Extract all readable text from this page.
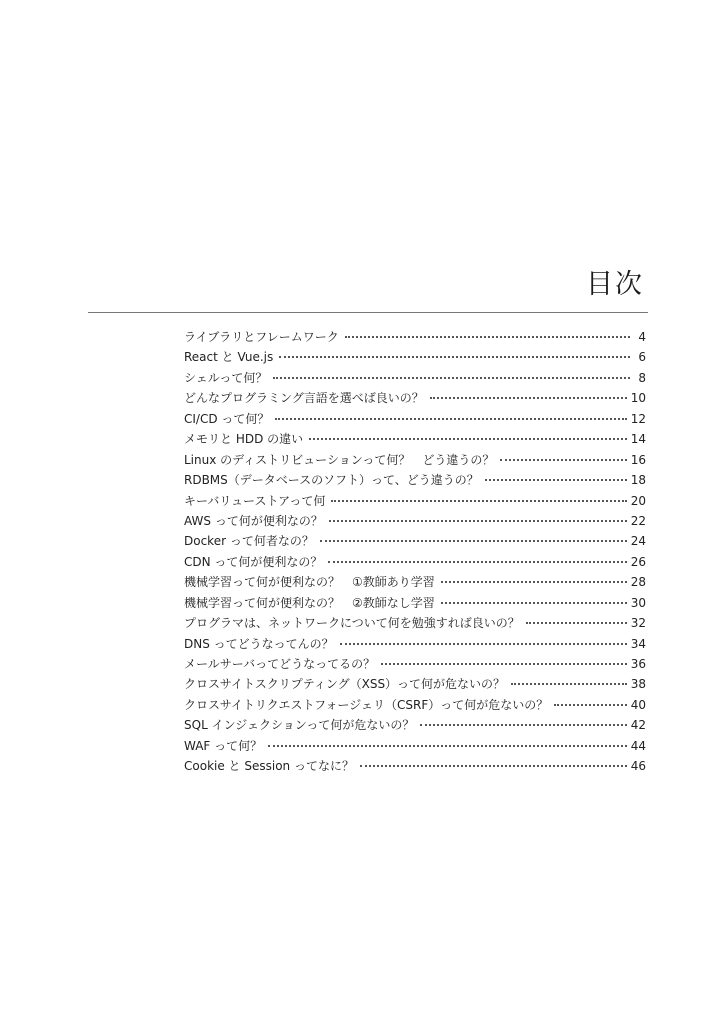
目次
ライブラリとフレームワーク	4
React と Vue.js	6
シェルって何？	8
どんなプログラミング言語を選べば良いの？	10
CI/CD って何？	12
メモリと HDD の違い	14
Linux のディストリビューションって何？　どう違うの？	16
RDBMS（データベースのソフト）って、どう違うの？	18
キーバリューストアって何	20
AWS って何が便利なの？	22
Docker って何者なの？	24
CDN って何が便利なの？	26
機械学習って何が便利なの？　①教師あり学習	28
機械学習って何が便利なの？　②教師なし学習	30
プログラマは、ネットワークについて何を勉強すれば良いの？	32
DNS ってどうなってんの？	34
メールサーバってどうなってるの？	36
クロスサイトスクリプティング（XSS）って何が危ないの？	38
クロスサイトリクエストフォージェリ（CSRF）って何が危ないの？	40
SQL インジェクションって何が危ないの？	42
WAF って何？	44
Cookie と Session ってなに？	46
